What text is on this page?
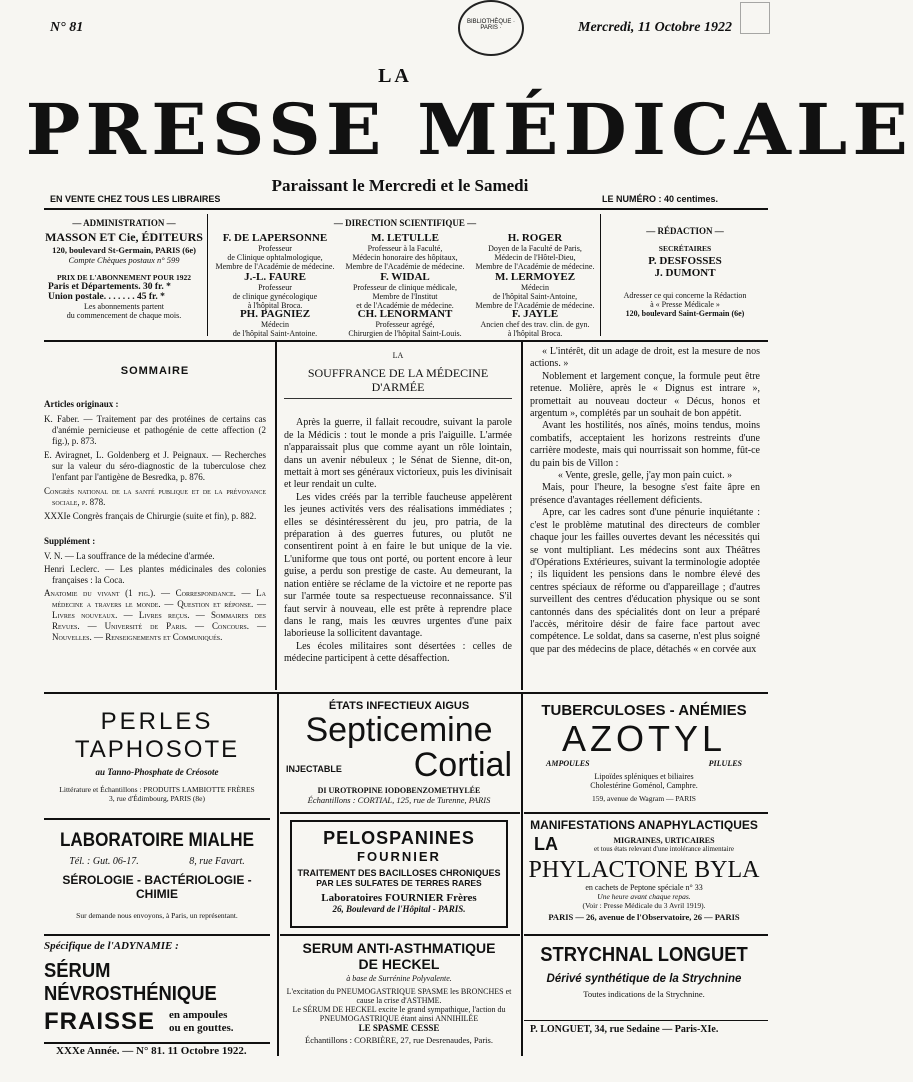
N° 81	Mercredi, 11 Octobre 1922
BIBLIOTHÈQUE · PARIS ·
LA
PRESSE MÉDICALE
Paraissant le Mercredi et le Samedi
EN VENTE CHEZ TOUS LES LIBRAIRES	LE NUMÉRO : 40 centimes.
— ADMINISTRATION —
MASSON ET Cie, ÉDITEURS
120, boulevard St-Germain, PARIS (6e)
Compte Chèques postaux n° 599
PRIX DE L'ABONNEMENT POUR 1922
Paris et Départements. 30 fr. *
Union postale. . . . . . . 45 fr. *
Les abonnements partent
du commencement de chaque mois.
— DIRECTION SCIENTIFIQUE —
F. DE LAPERSONNE
Professeur
de Clinique ophtalmologique,
Membre de l'Académie de médecine.
M. LETULLE
Professeur à la Faculté,
Médecin honoraire des hôpitaux,
Membre de l'Académie de médecine.
H. ROGER
Doyen de la Faculté de Paris,
Médecin de l'Hôtel-Dieu,
Membre de l'Académie de médecine.
J.-L. FAURE
Professeur
de clinique gynécologique
à l'hôpital Broca.
F. WIDAL
Professeur de clinique médicale,
Membre de l'Institut
et de l'Académie de médecine.
M. LERMOYEZ
Médecin
de l'hôpital Saint-Antoine,
Membre de l'Académie de médecine.
PH. PAGNIEZ
Médecin
de l'hôpital Saint-Antoine.
CH. LENORMANT
Professeur agrégé,
Chirurgien de l'hôpital Saint-Louis.
F. JAYLE
Ancien chef des trav. clin. de gyn.
à l'hôpital Broca.
— RÉDACTION —
SECRÉTAIRES
P. DESFOSSES
J. DUMONT
Adresser ce qui concerne la Rédaction
à « Presse Médicale »
120, boulevard Saint-Germain (6e)
SOMMAIRE
Articles originaux :

K. Faber. — Traitement par des protéines de certains cas d'anémie pernicieuse et pathogénie de cette affection (2 fig.), p. 873.

E. Aviragnet, L. Goldenberg et J. Peignaux. — Recherches sur la valeur du séro-diagnostic de la tuberculose chez l'enfant par l'antigène de Besredka, p. 876.

Congrès national de la santé publique et de la prévoyance sociale, p. 878.

XXXIe Congrès français de Chirurgie (suite et fin), p. 882.

Supplément :

V. N. — La souffrance de la médecine d'armée.

Henri Leclerc. — Les plantes médicinales des colonies françaises : la Coca.

Anatomie du vivant (1 fig.). — Correspondance. — La médecine a travers le monde. — Question et réponse. — Livres nouveaux. — Livres reçus. — Sommaires des Revues. — Université de Paris. — Concours. — Nouvelles. — Renseignements et Communiqués.

LA
SOUFFRANCE DE LA MÉDECINE D'ARMÉE

Après la guerre, il fallait recoudre, suivant la parole de la Médicis : tout le monde a pris l'aiguille. L'armée n'apparaissait plus que comme ayant un rôle lointain, dans un avenir nébuleux ; le Sénat de Sienne, dit-on, mettait à mort ses généraux victorieux, puis les divinisait et leur rendait un culte.

Les vides créés par la terrible faucheuse appelèrent les jeunes activités vers des réalisations immédiates ; elles se désintéressèrent du jeu, pro patria, de la préparation à des guerres futures, ou plutôt ne consentirent point à en faire le but unique de la vie. L'uniforme que tous ont porté, ou portent encore à leur guise, a perdu son prestige de caste. Au demeurant, la nation entière se réclame de la victoire et ne reporte pas sur l'armée toute sa respectueuse reconnaissance. S'il faut servir à nouveau, elle est prête à reprendre place dans le rang, mais les œuvres urgentes d'une paix laborieuse la sollicitent davantage.

Les écoles militaires sont désertées : celles de médecine participent à cette désaffection.

« L'intérêt, dit un adage de droit, est la mesure de nos actions. »

Noblement et largement conçue, la formule peut être retenue. Molière, après le « Dignus est intrare », promettait au nouveau docteur « Décus, honos et argentum », complétés par un souhait de bon appétit.

Avant les hostilités, nos aînés, moins tendus, moins combatifs, acceptaient les horizons restreints d'une carrière modeste, mais qui nourrissait son homme, fût-ce du pain bis de Villon :

« Vente, gresle, gelle, j'ay mon pain cuict. »

Mais, pour l'heure, la besogne s'est faite âpre en présence d'avantages réellement déficients.

Apre, car les cadres sont d'une pénurie inquiétante : c'est le problème matutinal des directeurs de combler chaque jour les failles ouvertes devant les nécessités qui se vont multipliant. Les médecins sont aux Théâtres d'Opérations Extérieures, suivant la terminologie adoptée ; ils liquident les pensions dans le nombre élevé des centres spéciaux de réforme ou d'appareillage ; d'autres surveillent des centres d'éducation physique ou se sont cantonnés dans des spécialités dont on leur a préparé l'accès, méritoire désir de faire face partout avec compétence. Le soldat, dans sa caserne, n'est plus soigné que par des médecins de place, détachés « en corvée aux

PERLES
TAPHOSOTE
au Tanno-Phosphate de Créosote
Littérature et Échantillons : PRODUITS LAMBIOTTE FRÈRES
3, rue d'Édimbourg, PARIS (8e)
LABORATOIRE MIALHE
Tél. : Gut. 06-17.	8, rue Favart.
SÉROLOGIE - BACTÉRIOLOGIE - CHIMIE
Sur demande nous envoyons, à Paris, un représentant.
Spécifique de l'ADYNAMIE :
SÉRUM NÉVROSTHÉNIQUE
FRAISSE en ampoules
ou en gouttes.
XXXe Année. — N° 81. 11 Octobre 1922.
ÉTATS INFECTIEUX AIGUS
Septicemine
INJECTABLE Cortial
DI UROTROPINE IODOBENZOMETHYLÉE
Échantillons : CORTIAL, 125, rue de Turenne, PARIS
PELOSPANINES
FOURNIER
TRAITEMENT DES BACILLOSES CHRONIQUES
PAR LES SULFATES DE TERRES RARES
Laboratoires FOURNIER Frères
26, Boulevard de l'Hôpital - PARIS.
SERUM ANTI-ASTHMATIQUE
DE HECKEL
à base de Surrénine Polyvalente.
L'excitation du PNEUMOGASTRIQUE SPASME les BRONCHES et cause la crise d'ASTHME.
Le SÉRUM DE HECKEL excite le grand sympathique, l'action du PNEUMOGASTRIQUE étant ainsi ANNIHILÉE
LE SPASME CESSE
Échantillons : CORBIÈRE, 27, rue Desrenaudes, Paris.
TUBERCULOSES - ANÉMIES
AZOTYL
AMPOULES	PILULES
Lipoïdes spléniques et biliaires
Cholestérine Goménol, Camphre.
159, avenue de Wagram — PARIS
MANIFESTATIONS ANAPHYLACTIQUES
LA	MIGRAINES, URTICAIRES
et tous états relevant d'une intolérance alimentaire
PHYLACTONE BYLA
en cachets de Peptone spéciale n° 33
Une heure avant chaque repas.
(Voir : Presse Médicale du 3 Avril 1919).
PARIS — 26, avenue de l'Observatoire, 26 — PARIS
STRYCHNAL LONGUET
Dérivé synthétique de la Strychnine
Toutes indications de la Strychnine.
P. LONGUET, 34, rue Sedaine — Paris-XIe.
